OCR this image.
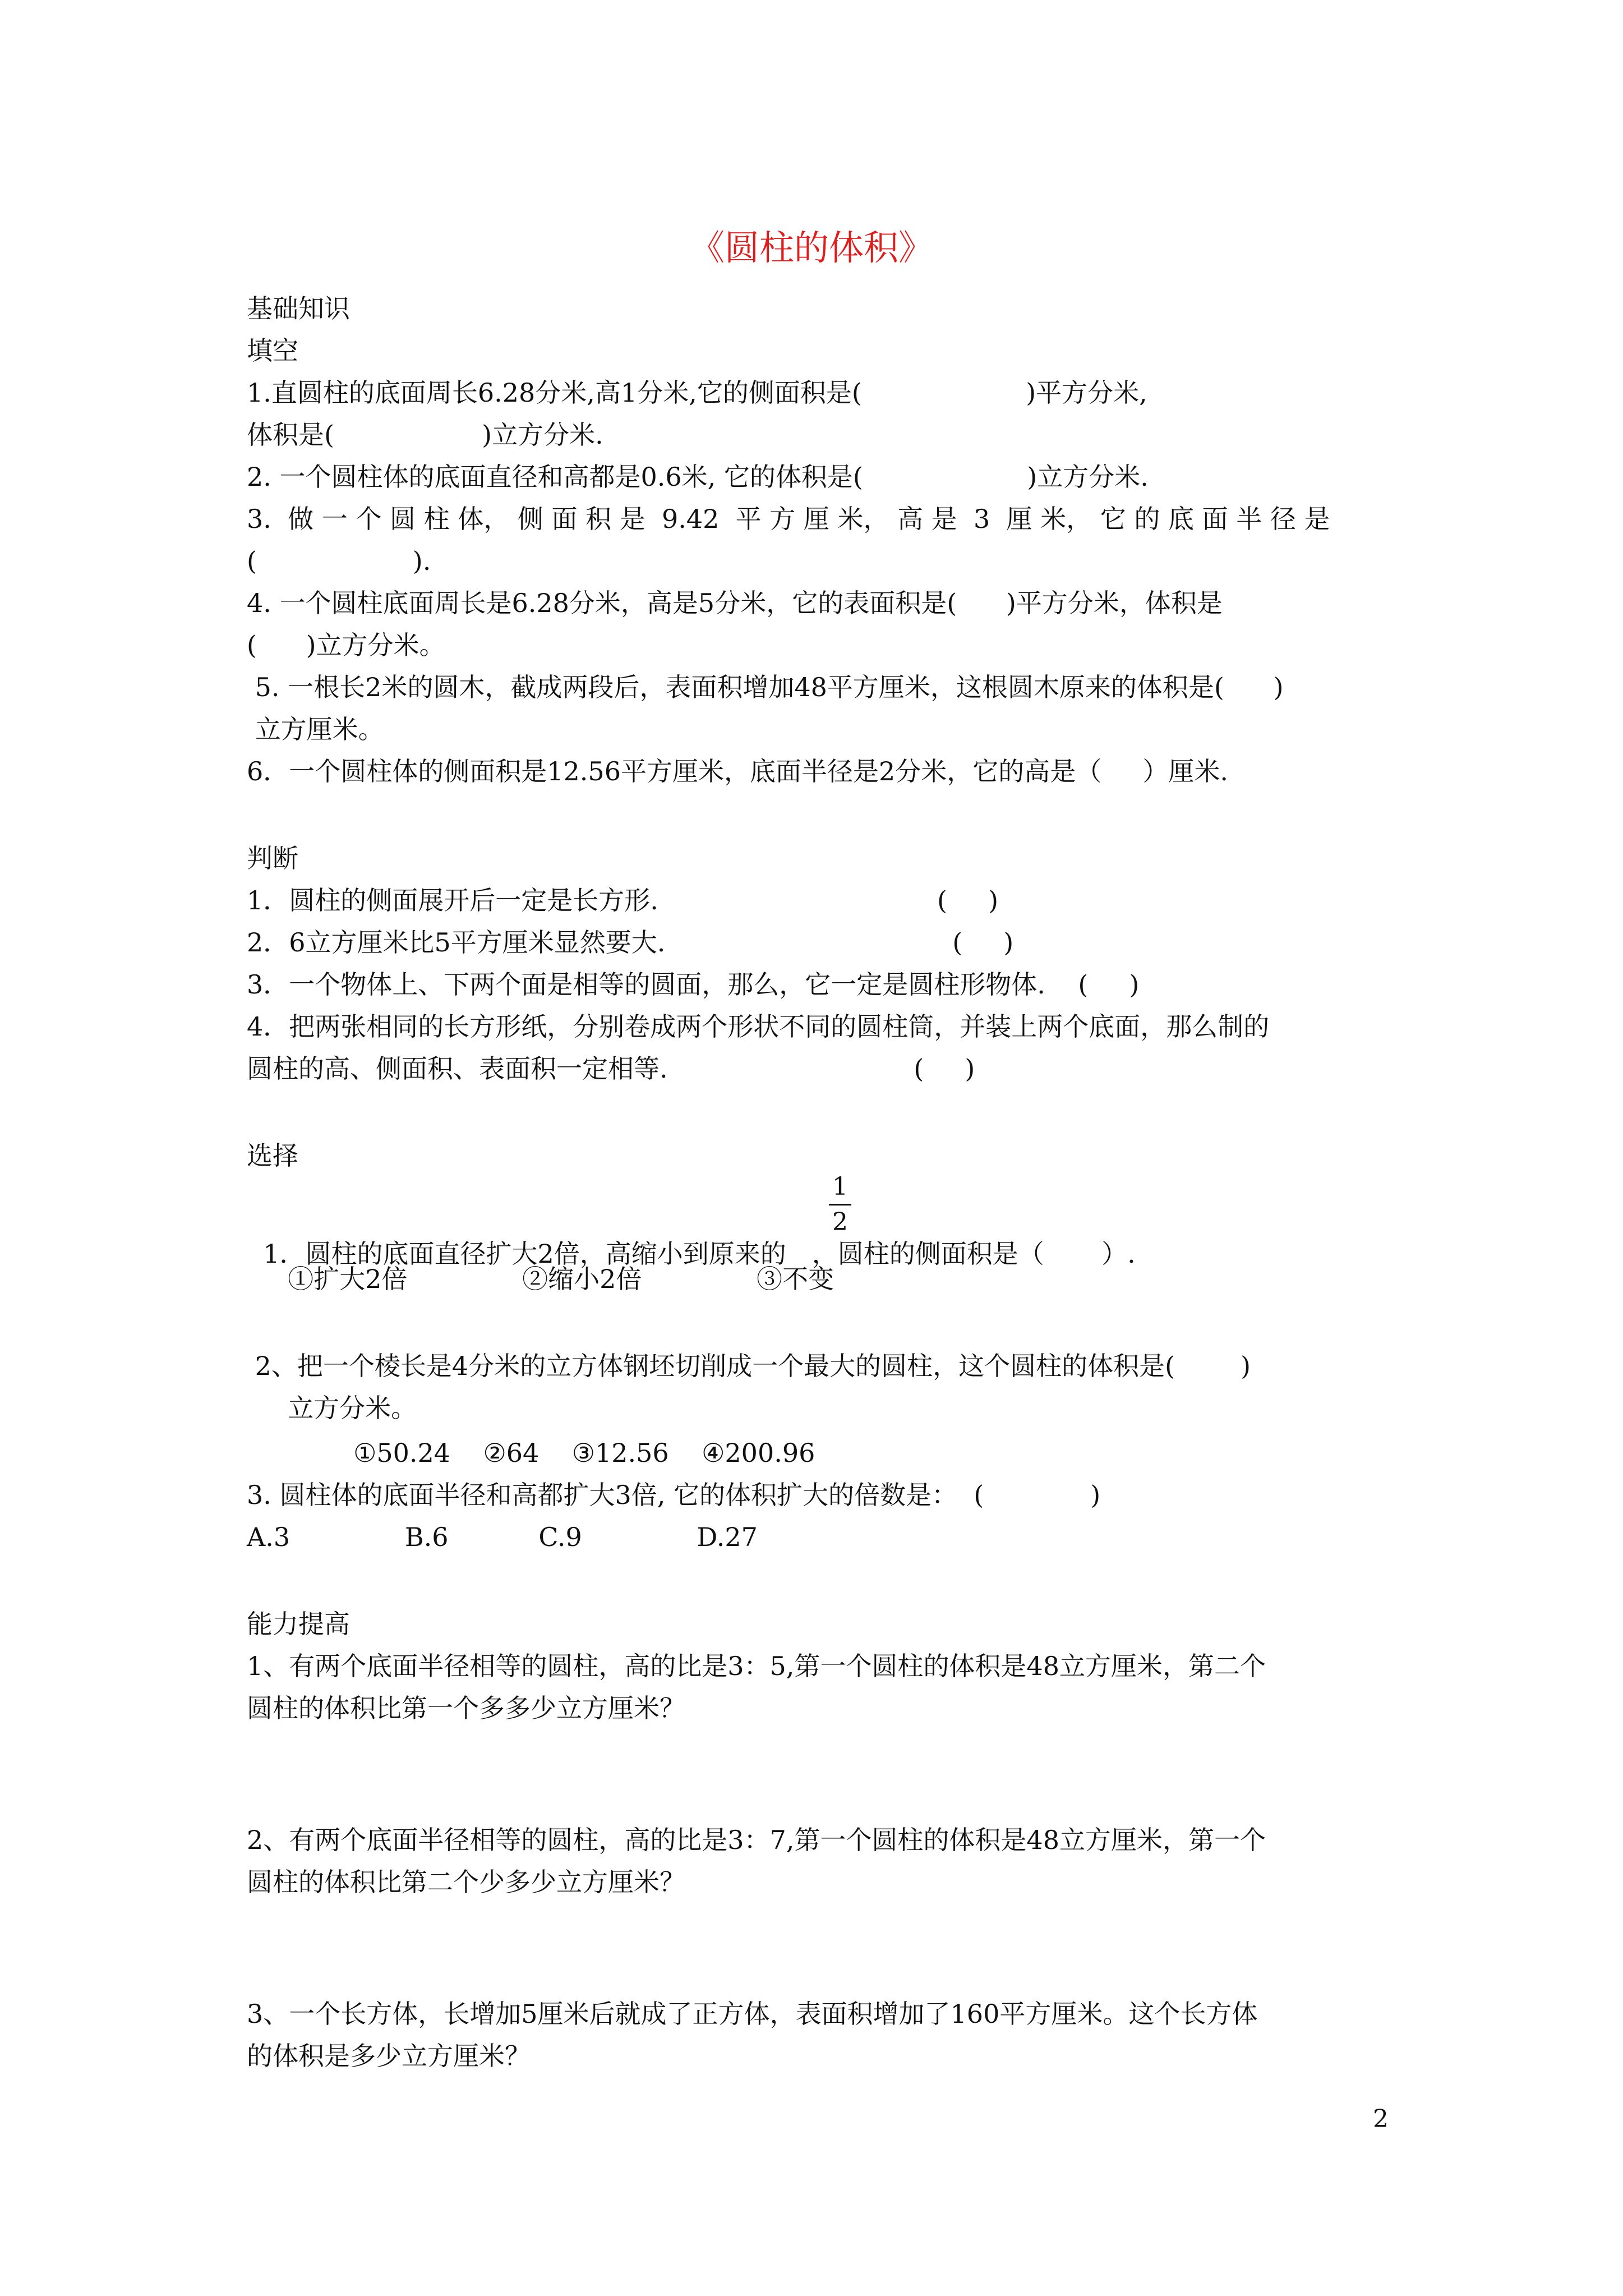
《圆柱的体积》
基础知识
填空
1.直圆柱的底面周长6.28分米,高1分米,它的侧面积是(                    )平方分米,
体积是(                  )立方分米.
2. 一个圆柱体的底面直径和高都是0.6米, 它的体积是(                    )立方分米.
3.  做 一 个 圆 柱 体， 侧 面 积 是  9.42  平 方 厘 米， 高 是  3  厘 米， 它 的 底 面 半 径 是
(                   ).
4. 一个圆柱底面周长是6.28分米，高是5分米，它的表面积是(      )平方分米，体积是
(      )立方分米。
5. 一根长2米的圆木，截成两段后，表面积增加48平方厘米，这根圆木原来的体积是(      )
立方厘米。
6．一个圆柱体的侧面积是12.56平方厘米，底面半径是2分米，它的高是（     ）厘米.
判断
1．圆柱的侧面展开后一定是长方形.                                  (     )
2．6立方厘米比5平方厘米显然要大.                                   (     )
3．一个物体上、下两个面是相等的圆面，那么，它一定是圆柱形物体.    (     )
4．把两张相同的长方形纸，分别卷成两个形状不同的圆柱筒，并装上两个底面，那么制的
圆柱的高、侧面积、表面积一定相等.                              (     )
选择

1．圆柱的底面直径扩大2倍，高缩小到原来的 ，圆柱的侧面积是（       ）.

1
2
①扩大2倍              ②缩小2倍              ③不变
2、把一个棱长是4分米的立方体钢坯切削成一个最大的圆柱，这个圆柱的体积是(        )
立方分米。
①50.24    ②64    ③12.56    ④200.96
3. 圆柱体的底面半径和高都扩大3倍, 它的体积扩大的倍数是：  (             )
A.3              B.6           C.9              D.27
能力提高
1、有两个底面半径相等的圆柱，高的比是3：5,第一个圆柱的体积是48立方厘米，第二个
圆柱的体积比第一个多多少立方厘米？
2、有两个底面半径相等的圆柱，高的比是3：7,第一个圆柱的体积是48立方厘米，第一个
圆柱的体积比第二个少多少立方厘米？
3、一个长方体，长增加5厘米后就成了正方体，表面积增加了160平方厘米。这个长方体
的体积是多少立方厘米？
2
